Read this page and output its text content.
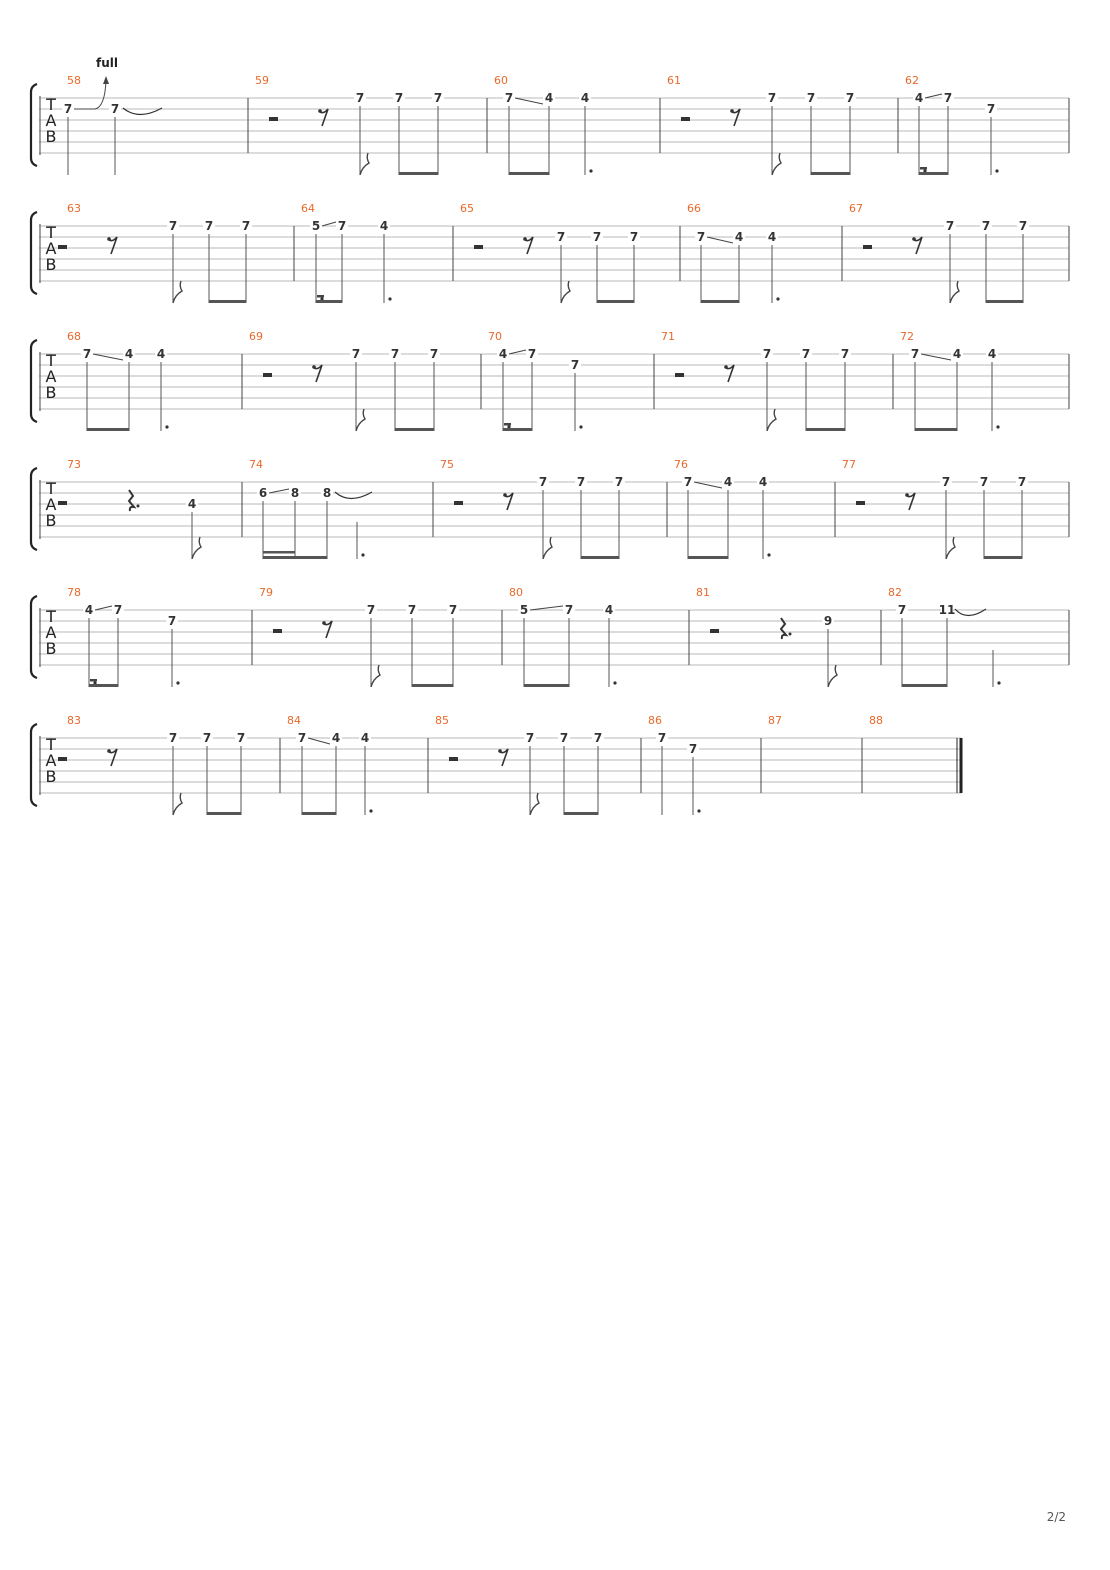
T
A
B
58
7
full
7
59
7	7	7
60
7	4 4
61
7	7	7
62
4 7
7
T
A
B
63
7 7 7
64
5 7	4
65
7 7 7
66
7 4 4
67
7 7 7
T
A
B
68
7	4 4
69
7	7	7
70
4 7
7
71
7	7	7
72
7	4 4
T
A
B
73
4
74
6 8 8
75
7 7 7
76
7	4 4
77
7 7 7
T
A
B
78
4 7
7
79
7	7	7
80
5	7	4
81
9
82
7	11
T
A
B
83
7 7 7
84
7 4 4
85
7 7 7
86
7
7
87	88
2/2
